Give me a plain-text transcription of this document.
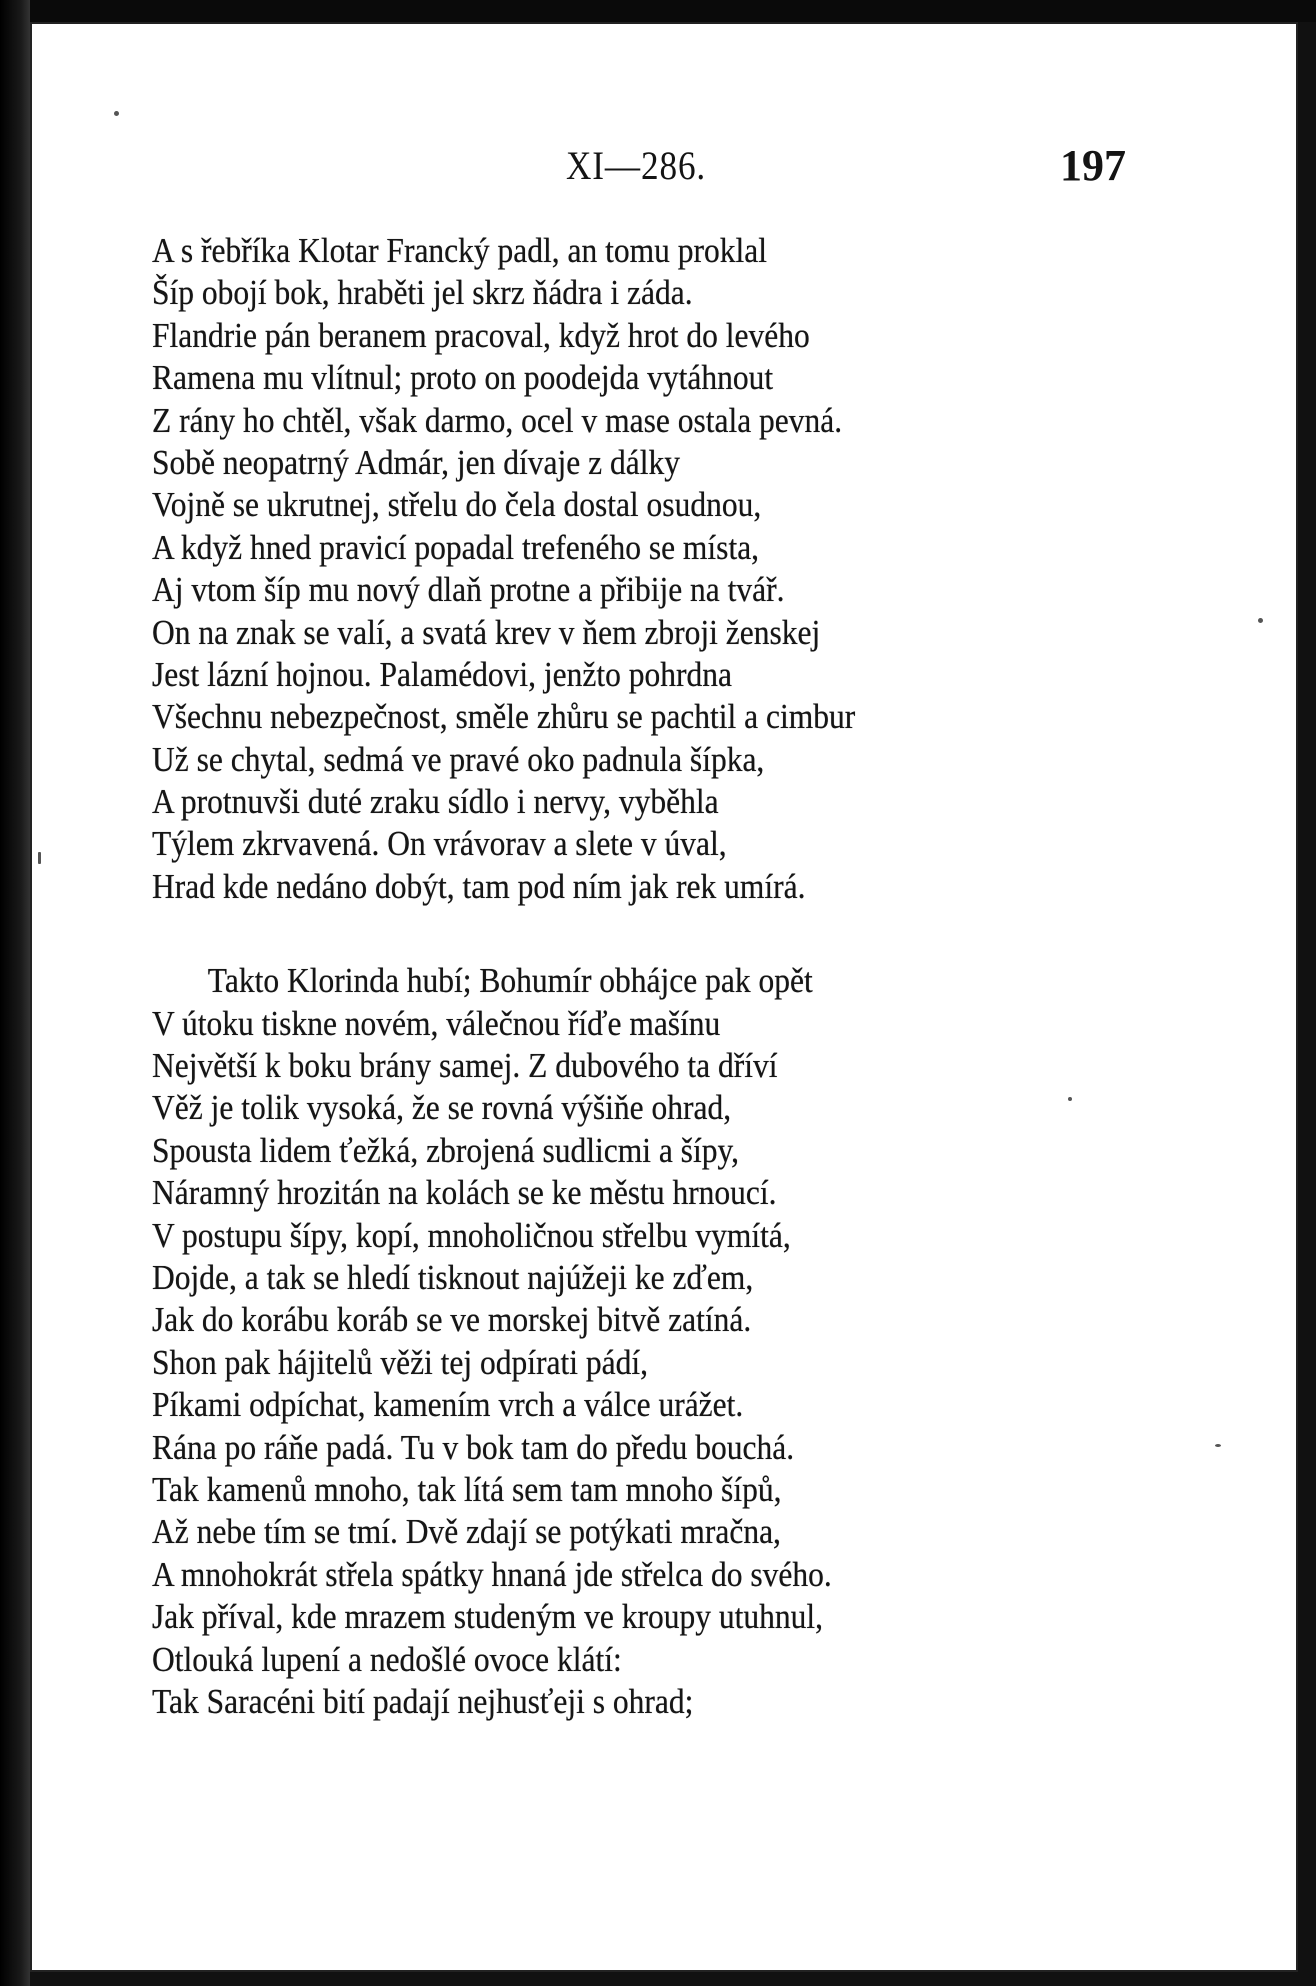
XI—286.	197
A s řebříka Klotar Francký padl, an tomu proklal
Šíp obojí bok, hraběti jel skrz ňádra i záda.
Flandrie pán beranem pracoval, když hrot do levého
Ramena mu vlítnul; proto on poodejda vytáhnout
Z rány ho chtěl, však darmo, ocel v mase ostala pevná.
Sobě neopatrný Admár, jen dívaje z dálky
Vojně se ukrutnej, střelu do čela dostal osudnou,
A když hned pravicí popadal trefeného se místa,
Aj vtom šíp mu nový dlaň protne a přibije na tvář.
On na znak se valí, a svatá krev v ňem zbroji ženskej
Jest lázní hojnou. Palamédovi, jenžto pohrdna
Všechnu nebezpečnost, směle zhůru se pachtil a cimbur
Už se chytal, sedmá ve pravé oko padnula šípka,
A protnuvši duté zraku sídlo i nervy, vyběhla
Týlem zkrvavená. On vrávorav a slete v úval,
Hrad kde nedáno dobýt, tam pod ním jak rek umírá.
Takto Klorinda hubí; Bohumír obhájce pak opět
V útoku tiskne novém, válečnou říďe mašínu
Největší k boku brány samej. Z dubového ta dříví
Věž je tolik vysoká, že se rovná výšiňe ohrad,
Spousta lidem ťežká, zbrojená sudlicmi a šípy,
Náramný hrozitán na kolách se ke městu hrnoucí.
V postupu šípy, kopí, mnoholičnou střelbu vymítá,
Dojde, a tak se hledí tisknout najúžeji ke zďem,
Jak do korábu koráb se ve morskej bitvě zatíná.
Shon pak hájitelů věži tej odpírati pádí,
Píkami odpíchat, kamením vrch a válce urážet.
Rána po ráňe padá. Tu v bok tam do předu bouchá.
Tak kamenů mnoho, tak lítá sem tam mnoho šípů,
Až nebe tím se tmí. Dvě zdají se potýkati mračna,
A mnohokrát střela spátky hnaná jde střelca do svého.
Jak příval, kde mrazem studeným ve kroupy utuhnul,
Otlouká lupení a nedošlé ovoce klátí:
Tak Saracéni bití padají nejhusťeji s ohrad;
